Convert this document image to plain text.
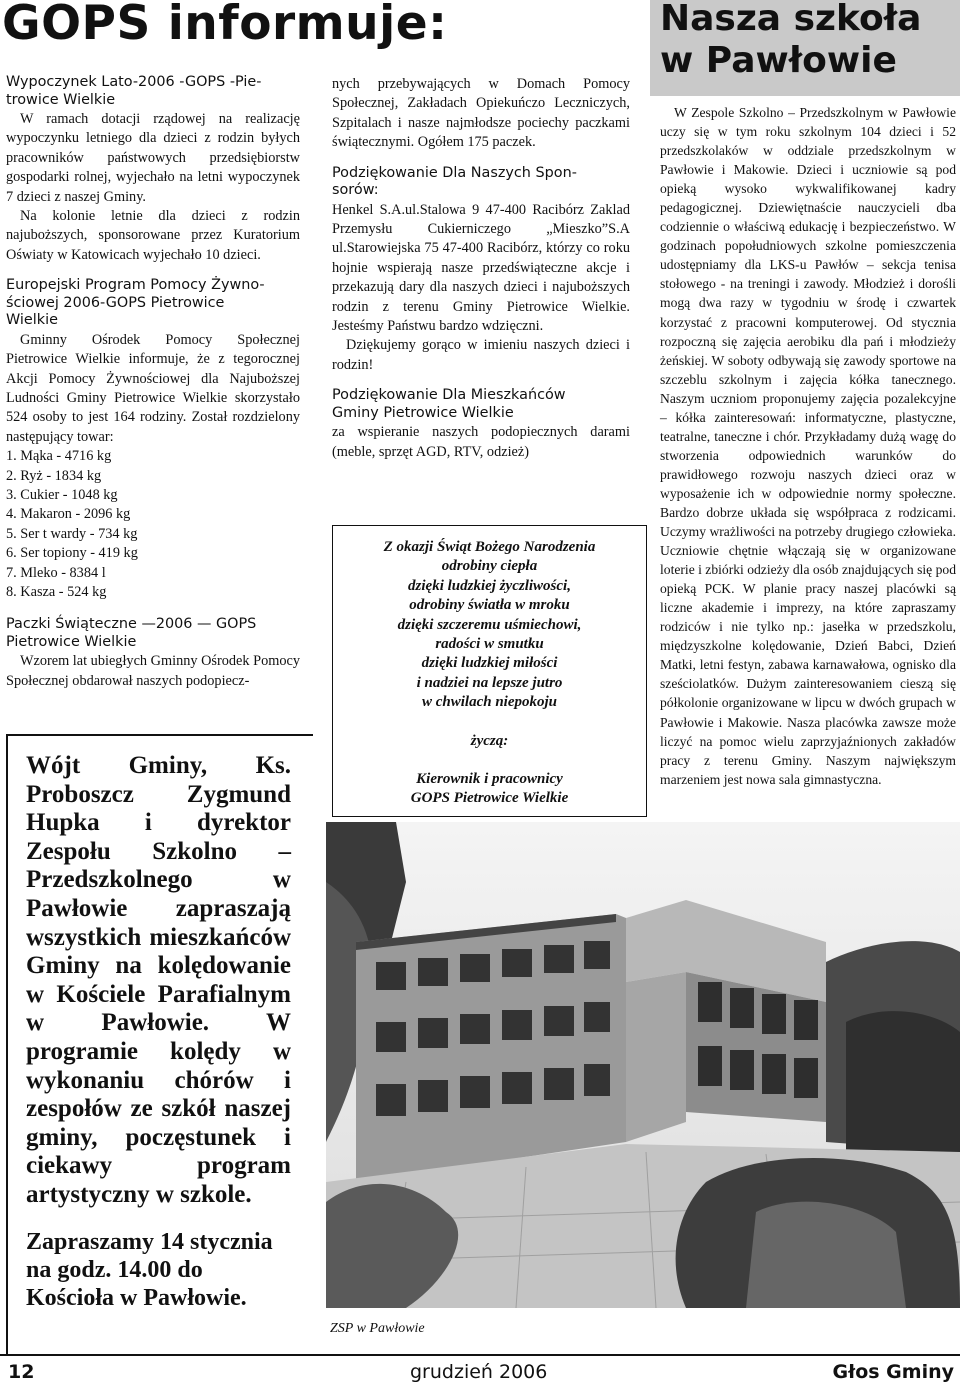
GOPS informuje:	Nasza szkoła
w Pawłowie
Wypoczynek Lato-2006 -GOPS -Pie-
trowice Wielkie

W ramach dotacji rządowej na realizację wypoczynku letniego dla dzieci z rodzin byłych pracowników państwowych przedsiębiorstw gospodarki rolnej, wyjechało na letni wypoczynek 7 dzieci z naszej Gminy.

Na kolonie letnie dla dzieci z rodzin najuboższych, sponsorowane przez Kuratorium Oświaty w Katowicach wyjechało 10 dzieci.

Europejski Program Pomocy Żywno-
ściowej 2006-GOPS Pietrowice
Wielkie

Gminny Ośrodek Pomocy Społecznej Pietrowice Wielkie informuje, że z tegorocznej Akcji Pomocy Żywnościowej dla Najuboższej Ludności Gminy Pietrowice Wielkie skorzystało 524 osoby to jest 164 rodziny. Został rozdzielony następujący towar:

1. Mąka - 4716 kg
2. Ryż - 1834 kg
3. Cukier - 1048 kg
4. Makaron - 2096 kg
5. Ser t wardy - 734 kg
6. Ser topiony - 419 kg
7. Mleko - 8384 l
8. Kasza - 524 kg
Paczki Świąteczne —2006 — GOPS
Pietrowice Wielkie

Wzorem lat ubiegłych Gminny Ośrodek Pomocy Społecznej obdarował naszych podopiecz-

Wójt Gminy, Ks. Proboszcz Zygmund Hupka i dyrektor Zespołu Szkolno – Przedszkolnego w Pawłowie zapraszają wszystkich mieszkańców Gminy na kolędowanie w Kościele Parafialnym w Pawłowie. W programie kolędy w wykonaniu chórów i zespołów ze szkół naszej gminy, poczęstunek i ciekawy program artystyczny w szkole.
Zapraszamy 14 stycznia na godz. 14.00 do Kościoła w Pawłowie.

nych przebywających w Domach Pomocy Społecznej, Zakładach Opiekuńczo Leczniczych, Szpitalach i nasze najmłodsze pociechy paczkami świątecznymi. Ogółem 175 paczek.

Podziękowanie Dla Naszych Spon-
sorów:

Henkel S.A.ul.Stalowa 9 47-400 Racibórz Zaklad Przemysłu Cukierniczego „Mieszko”S.A ul.Starowiejska 75 47-400 Racibórz, którzy co roku hojnie wspierają nasze przedświąteczne akcje i przekazują dary dla naszych dzieci i najuboższych rodzin z terenu Gminy Pietrowice Wielkie. Jesteśmy Państwu bardzo wdzięczni.

Dziękujemy gorąco w imieniu naszych dzieci i rodzin!

Podziękowanie Dla Mieszkańców
Gminy Pietrowice Wielkie

za wspieranie naszych podopiecznych darami (meble, sprzęt AGD, RTV, odzież)

Z okazji Świąt Bożego Narodzenia

odrobiny ciepła

dzięki ludzkiej życzliwości,

odrobiny światła w mroku

dzięki szczeremu uśmiechowi,

radości w smutku

dzięki ludzkiej miłości

i nadziei na lepsze jutro

w chwilach niepokoju

życzą:

Kierownik i pracownicy

GOPS Pietrowice Wielkie

W Zespole Szkolno – Przedszkolnym w Pawłowie uczy się w tym roku szkolnym 104 dzieci i 52 przedszkolaków w oddziale przedszkolnym w Pawłowie i Makowie. Dzieci i uczniowie są pod opieką wysoko wykwalifikowanej kadry pedagogicznej. Dziewiętnaście nauczycieli dba codziennie o właściwą edukację i bezpieczeństwo. W godzinach popołudniowych szkolne pomieszczenia udostępniamy dla LKS-u Pawłów – sekcja tenisa stołowego - na treningi i zawody. Młodzież i dorośli mogą dwa razy w tygodniu w środę i czwartek korzystać z pracowni komputerowej. Od stycznia rozpoczną się zajęcia aerobiku dla pań i młodzieży żeńskiej. W soboty odbywają się zawody sportowe na szczeblu szkolnym i zajęcia kółka tanecznego. Naszym uczniom proponujemy zajęcia pozalekcyjne – kółka zainteresowań: informatyczne, plastyczne, teatralne, taneczne i chór. Przykładamy dużą wagę do stworzenia odpowiednich warunków do prawidłowego rozwoju naszych dzieci oraz w wyposażenie ich w odpowiednie normy społeczne. Bardzo dobrze układa się współpraca z rodzicami. Uczymy wrażliwości na potrzeby drugiego człowieka. Uczniowie chętnie włączają się w organizowane loterie i zbiórki odzieży dla osób znajdujących się pod opieką PCK. W planie pracy naszej placówki są liczne akademie i imprezy, na które zapraszamy rodziców i nie tylko np.: jasełka w przedszkolu, międzyszkolne kolędowanie, Dzień Babci, Dzień Matki, letni festyn, zabawa karnawałowa, ognisko dla sześciolatków. Dużym zainteresowaniem cieszą się półkolonie organizowane w lipcu w dwóch grupach w Pawłowie i Makowie. Nasza placówka zawsze może liczyć na pomoc wielu zaprzyjaźnionych zakładów pracy z terenu Gminy. Naszym największym marzeniem jest nowa sala gimnastyczna.

ZSP w Pawłowie
12	grudzień 2006	Głos Gminy
